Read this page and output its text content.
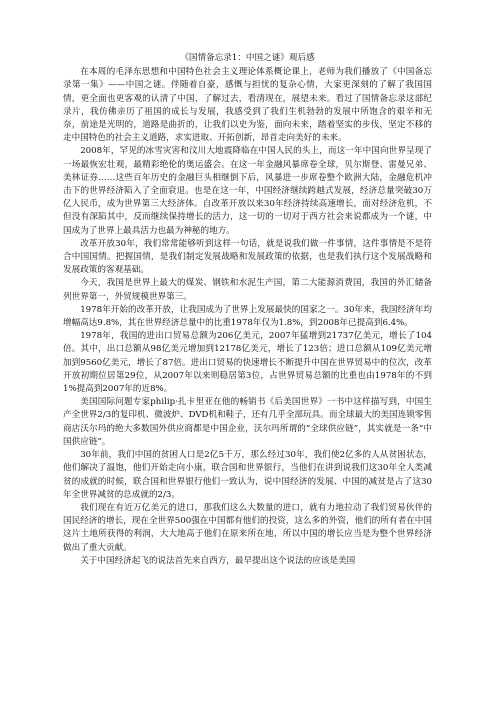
《国情备忘录1：中国之谜》观后感

在本周的毛泽东思想和中国特色社会主义理论体系概论课上，老师为我们播放了《中国备忘录第一集》——中国之谜。伴随着自豪，感慨与担忧的复杂心情，大家更深刻的了解了我国国情，更全面也更客观的认清了中国，了解过去，看清现在，展望未来。看过了国情备忘录这部纪录片，我仿佛亲历了祖国的成长与发展，我感受到了我们生机勃勃的发展中所饱含的艰辛和无奈，前途是光明的，道路是曲折的，让我们以史为鉴，面向未来，踏着坚实的步伐，坚定不移的走中国特色的社会主义道路，求实进取、开拓创新，昂首走向美好的未来。

2008年，罕见的冰雪灾害和汶川大地震降临在中国人民的头上，而这一年中国向世界呈现了一场最恢宏壮观，最精彩绝伦的奥运盛会。在这一年金融风暴席卷全球，贝尔斯登、雷曼兄弟、美林证券……这些百年历史的金融巨头相继倒下后，风暴进一步席卷整个欧洲大陆，金融危机冲击下的世界经济陷入了全面衰退。也是在这一年，中国经济继续跨越式发展，经济总量突破30万亿人民币，成为世界第三大经济体。自改革开放以来30年经济持续高速增长，面对经济危机，不但没有深陷其中，反而继续保持增长的活力，这一切的一切对于西方社会来说都成为一个谜，中国成为了世界上最具活力也最为神秘的地方。

改革开放30年，我们常常能够听到这样一句话，就是说我们做一件事情，这件事情是不是符合中国国情。把握国情，是我们制定发展战略和发展政策的依据，也是我们执行这个发展战略和发展政策的客观基础。

今天，我国是世界上最大的煤炭、钢铁和水泥生产国，第二大能源消费国，我国的外汇储备列世界第一，外贸规模世界第三。

1978年开始的改革开放，让我国成为了世界上发展最快的国家之一。30年来，我国经济年均增幅高达9.8%，其在世界经济总量中的比重1978年仅为1.8%，到2008年已提高到6.4%。

1978年，我国的进出口贸易总额为206亿美元，2007年猛增到21737亿美元，增长了104倍。其中，出口总额从98亿美元增加到12178亿美元，增长了123倍；进口总额从109亿美元增加到9560亿美元，增长了87倍。进出口贸易的快速增长不断提升中国在世界贸易中的位次，改革开放初期位居第29位，从2007年以来则稳居第3位，占世界贸易总额的比重也由1978年的不到1%提高到2007年的近8%。

美国国际问题专家philip·扎卡里亚在他的畅销书《后美国世界》一书中这样描写到，中国生产全世界2/3的复印机、微波炉、DVD机和鞋子，还有几乎全部玩具。而全球最大的美国连锁零售商店沃尔玛的绝大多数国外供应商都是中国企业，沃尔玛所谓的“全球供应链”，其实就是一条“中国供应链”。

30年前，我们中国的贫困人口是2亿5千万，那么经过30年，我们使2亿多的人从贫困状态，他们解决了温饱，他们开始走向小康，联合国和世界银行，当他们在讲到说我们这30年全人类减贫的成就的时候，联合国和世界银行他们一致认为，说中国经济的发展、中国的减贫是占了这30年全世界减贫的总成就的2/3。

我们现在有近万亿美元的进口，那我们这么大数量的进口，就有力地拉动了我们贸易伙伴的国民经济的增长，现在全世界500强在中国都有他们的投资，这么多的外资，他们的所有者在中国这片土地所获得的利润，大大地高于他们在原来所在地，所以中国的增长应当是为整个世界经济做出了重大贡献。

关于中国经济起飞的说法首先来自西方，最早提出这个说法的应该是美国
